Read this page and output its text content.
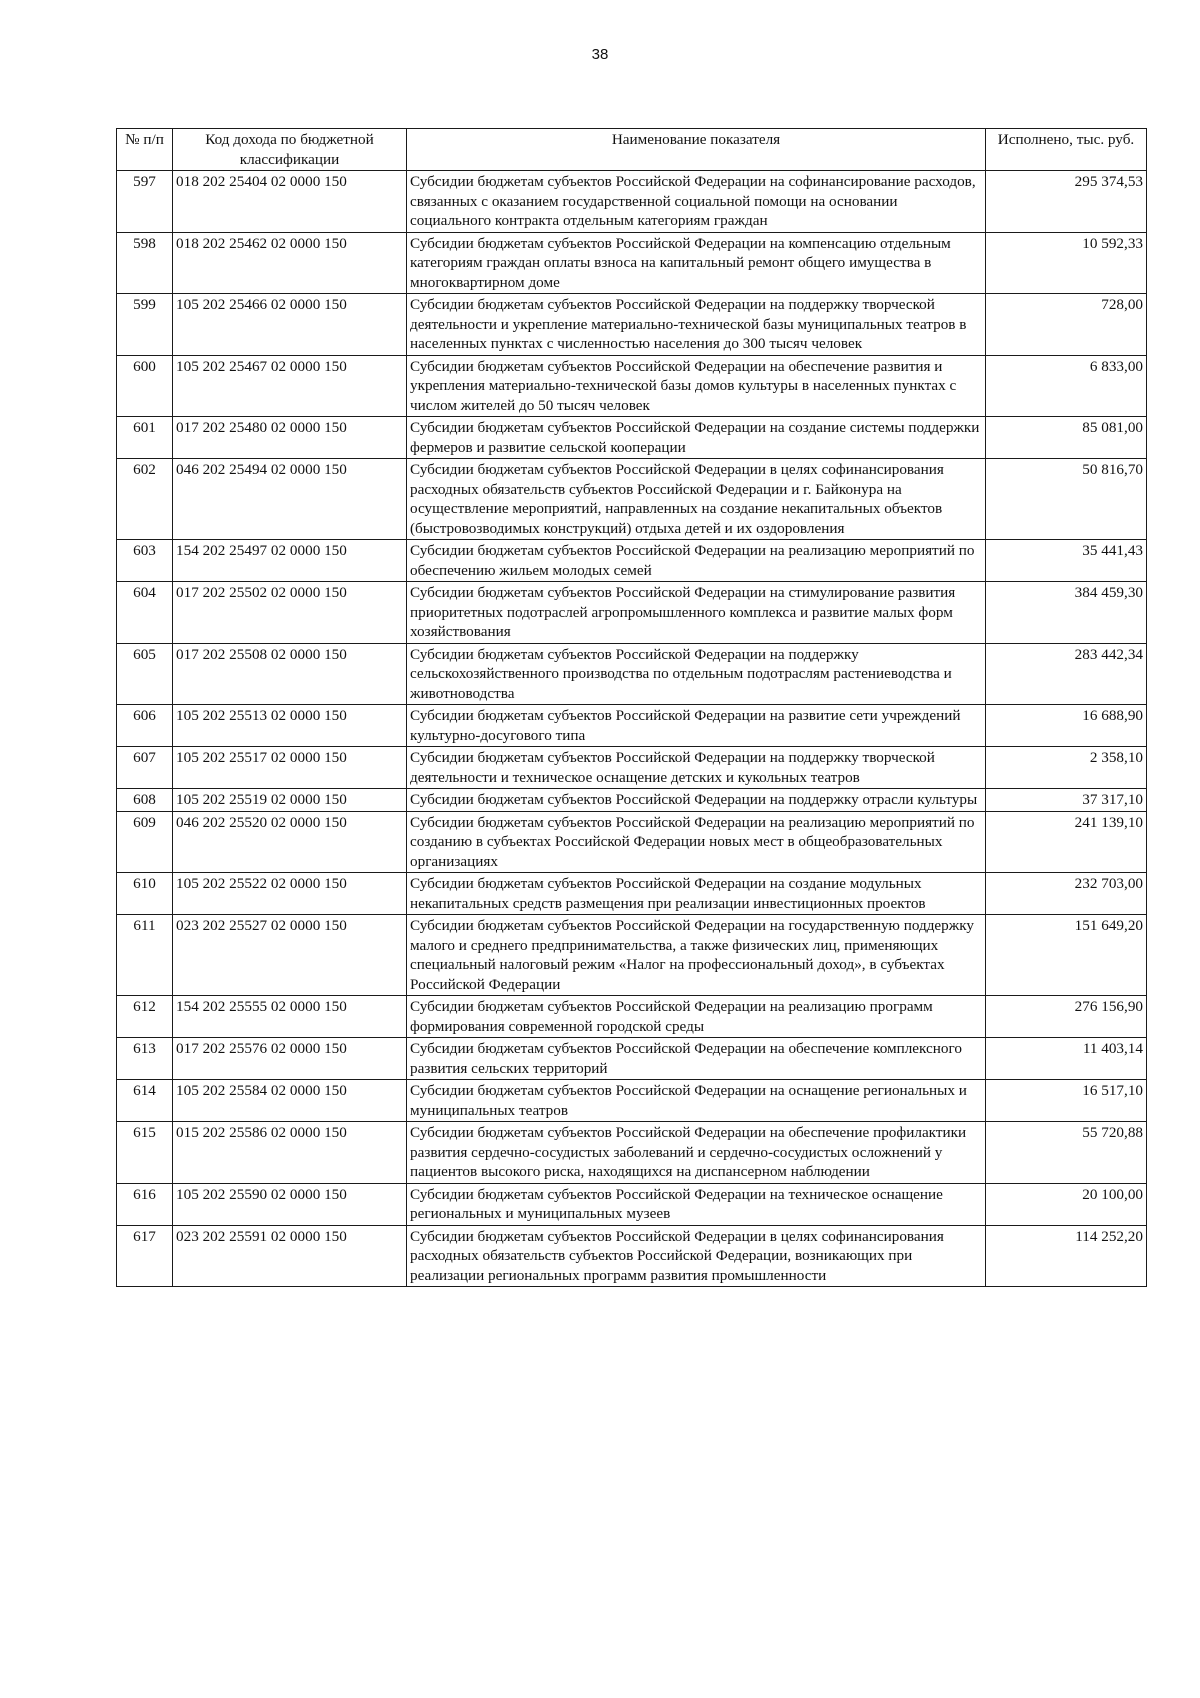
38
№ п/п	Код дохода по бюджетной классификации	Наименование показателя	Исполнено, тыс. руб.
597	018 202 25404 02 0000 150	Субсидии бюджетам субъектов Российской Федерации на софинансирование расходов, связанных с оказанием государственной социальной помощи на основании социального контракта отдельным категориям граждан	295 374,53
598	018 202 25462 02 0000 150	Субсидии бюджетам субъектов Российской Федерации на компенсацию отдельным категориям граждан оплаты взноса на капитальный ремонт общего имущества в многоквартирном доме	10 592,33
599	105 202 25466 02 0000 150	Субсидии бюджетам субъектов Российской Федерации на поддержку творческой деятельности и укрепление материально-технической базы муниципальных театров в населенных пунктах с численностью населения до 300 тысяч человек	728,00
600	105 202 25467 02 0000 150	Субсидии бюджетам субъектов Российской Федерации на обеспечение развития и укрепления материально-технической базы домов культуры в населенных пунктах с числом жителей до 50 тысяч человек	6 833,00
601	017 202 25480 02 0000 150	Субсидии бюджетам субъектов Российской Федерации на создание системы поддержки фермеров и развитие сельской кооперации	85 081,00
602	046 202 25494 02 0000 150	Субсидии бюджетам субъектов Российской Федерации в целях софинансирования расходных обязательств субъектов Российской Федерации и г. Байконура на осуществление мероприятий, направленных на создание некапитальных объектов (быстровозводимых конструкций) отдыха детей и их оздоровления	50 816,70
603	154 202 25497 02 0000 150	Субсидии бюджетам субъектов Российской Федерации на реализацию мероприятий по обеспечению жильем молодых семей	35 441,43
604	017 202 25502 02 0000 150	Субсидии бюджетам субъектов Российской Федерации на стимулирование развития приоритетных подотраслей агропромышленного комплекса и развитие малых форм хозяйствования	384 459,30
605	017 202 25508 02 0000 150	Субсидии бюджетам субъектов Российской Федерации на поддержку сельскохозяйственного производства по отдельным подотраслям растениеводства и животноводства	283 442,34
606	105 202 25513 02 0000 150	Субсидии бюджетам субъектов Российской Федерации на развитие сети учреждений культурно-досугового типа	16 688,90
607	105 202 25517 02 0000 150	Субсидии бюджетам субъектов Российской Федерации на поддержку творческой деятельности и техническое оснащение детских и кукольных театров	2 358,10
608	105 202 25519 02 0000 150	Субсидии бюджетам субъектов Российской Федерации на поддержку отрасли культуры	37 317,10
609	046 202 25520 02 0000 150	Субсидии бюджетам субъектов Российской Федерации на реализацию мероприятий по созданию в субъектах Российской Федерации новых мест в общеобразовательных организациях	241 139,10
610	105 202 25522 02 0000 150	Субсидии бюджетам субъектов Российской Федерации на создание модульных некапитальных средств размещения при реализации инвестиционных проектов	232 703,00
611	023 202 25527 02 0000 150	Субсидии бюджетам субъектов Российской Федерации на государственную поддержку малого и среднего предпринимательства, а также физических лиц, применяющих специальный налоговый режим «Налог на профессиональный доход», в субъектах Российской Федерации	151 649,20
612	154 202 25555 02 0000 150	Субсидии бюджетам субъектов Российской Федерации на реализацию программ формирования современной городской среды	276 156,90
613	017 202 25576 02 0000 150	Субсидии бюджетам субъектов Российской Федерации на обеспечение комплексного развития сельских территорий	11 403,14
614	105 202 25584 02 0000 150	Субсидии бюджетам субъектов Российской Федерации на оснащение региональных и муниципальных театров	16 517,10
615	015 202 25586 02 0000 150	Субсидии бюджетам субъектов Российской Федерации на обеспечение профилактики развития сердечно-сосудистых заболеваний и сердечно-сосудистых осложнений у пациентов высокого риска, находящихся на диспансерном наблюдении	55 720,88
616	105 202 25590 02 0000 150	Субсидии бюджетам субъектов Российской Федерации на техническое оснащение региональных и муниципальных музеев	20 100,00
617	023 202 25591 02 0000 150	Субсидии бюджетам субъектов Российской Федерации в целях софинансирования расходных обязательств субъектов Российской Федерации, возникающих при реализации региональных программ развития промышленности	114 252,20
